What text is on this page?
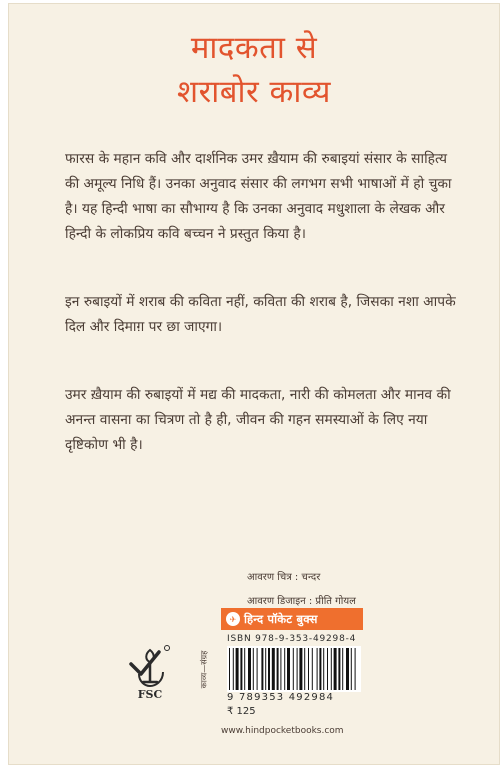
मादकता से
शराबोर काव्य

फारस के महान कवि और दार्शनिक उमर ख़ैयाम की रुबाइयां संसार के साहित्य की अमूल्य निधि हैं। उनका अनुवाद संसार की लगभग सभी भाषाओं में हो चुका है। यह हिन्दी भाषा का सौभाग्य है कि उनका अनुवाद मधुशाला के लेखक और हिन्दी के लोकप्रिय कवि बच्चन ने प्रस्तुत किया है।

इन रुबाइयों में शराब की कविता नहीं, कविता की शराब है, जिसका नशा आपके दिल और दिमाग़ पर छा जाएगा।

उमर ख़ैयाम की रुबाइयों में मद्य की मादकता, नारी की कोमलता और मानव की अनन्त वासना का चित्रण तो है ही, जीवन की गहन समस्याओं के लिए नया दृष्टिकोण भी है।

आवरण चित्र : चन्दर
आवरण डिजाइन : प्रीति गोयल
FSC
काव्य—संग्रह
✈ हिन्द पॉकेट बुक्स
ISBN 978-9-353-49298-4
9 789353 492984
₹ 125
www.hindpocketbooks.com
